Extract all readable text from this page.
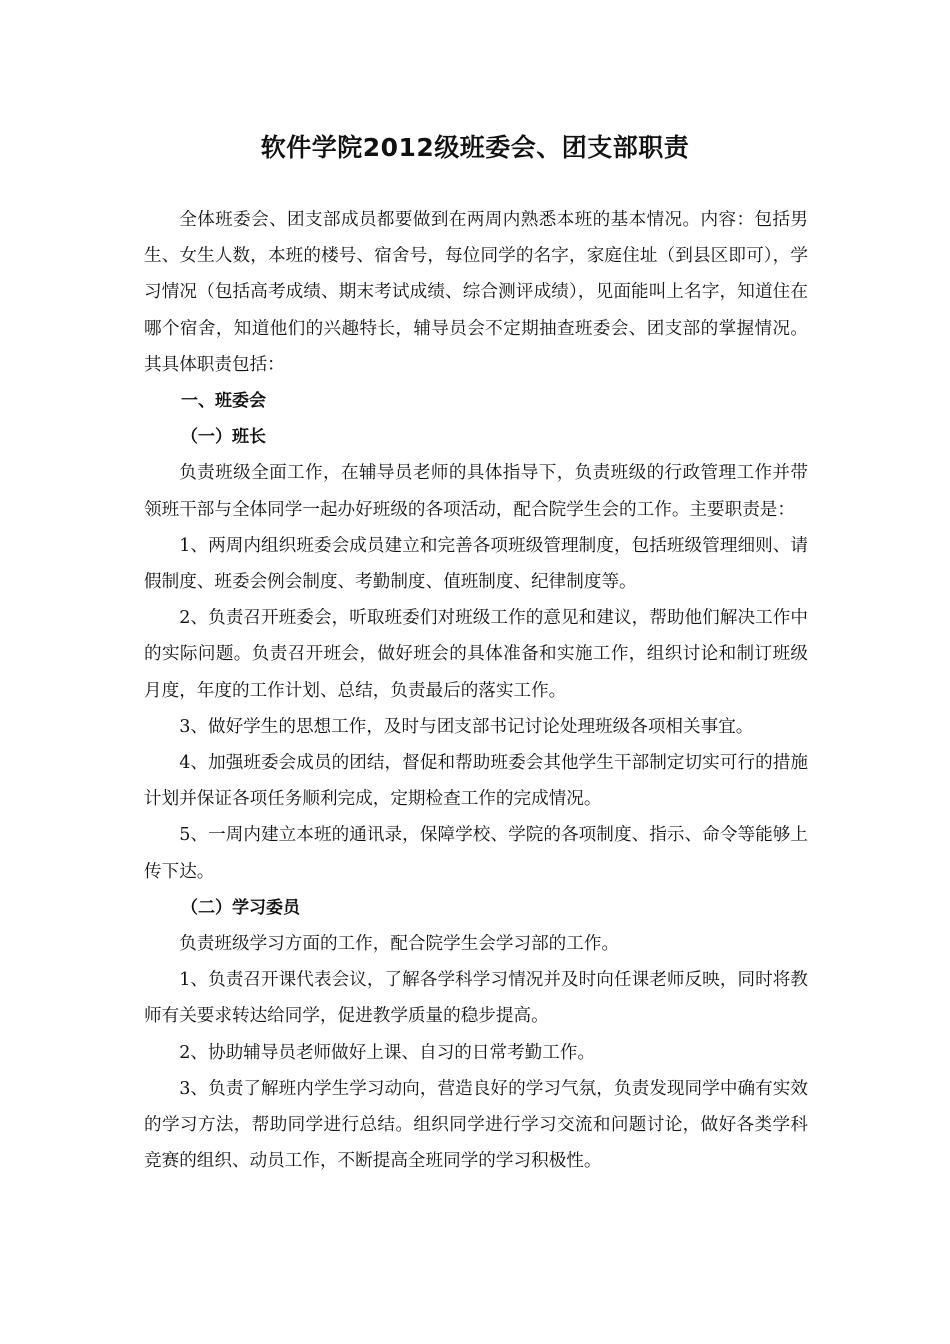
软件学院2012级班委会、团支部职责

全体班委会、团支部成员都要做到在两周内熟悉本班的基本情况。内容：包括男生、女生人数，本班的楼号、宿舍号，每位同学的名字，家庭住址（到县区即可），学习情况（包括高考成绩、期末考试成绩、综合测评成绩），见面能叫上名字，知道住在哪个宿舍，知道他们的兴趣特长，辅导员会不定期抽查班委会、团支部的掌握情况。其具体职责包括：

一、班委会

（一）班长

负责班级全面工作，在辅导员老师的具体指导下，负责班级的行政管理工作并带领班干部与全体同学一起办好班级的各项活动，配合院学生会的工作。主要职责是：

1、两周内组织班委会成员建立和完善各项班级管理制度，包括班级管理细则、请假制度、班委会例会制度、考勤制度、值班制度、纪律制度等。

2、负责召开班委会，听取班委们对班级工作的意见和建议，帮助他们解决工作中的实际问题。负责召开班会，做好班会的具体准备和实施工作，组织讨论和制订班级月度，年度的工作计划、总结，负责最后的落实工作。

3、做好学生的思想工作，及时与团支部书记讨论处理班级各项相关事宜。

4、加强班委会成员的团结，督促和帮助班委会其他学生干部制定切实可行的措施计划并保证各项任务顺利完成，定期检查工作的完成情况。

5、一周内建立本班的通讯录，保障学校、学院的各项制度、指示、命令等能够上传下达。

（二）学习委员

负责班级学习方面的工作，配合院学生会学习部的工作。

1、负责召开课代表会议，了解各学科学习情况并及时向任课老师反映，同时将教师有关要求转达给同学，促进教学质量的稳步提高。

2、协助辅导员老师做好上课、自习的日常考勤工作。

3、负责了解班内学生学习动向，营造良好的学习气氛，负责发现同学中确有实效的学习方法，帮助同学进行总结。组织同学进行学习交流和问题讨论，做好各类学科竞赛的组织、动员工作，不断提高全班同学的学习积极性。
